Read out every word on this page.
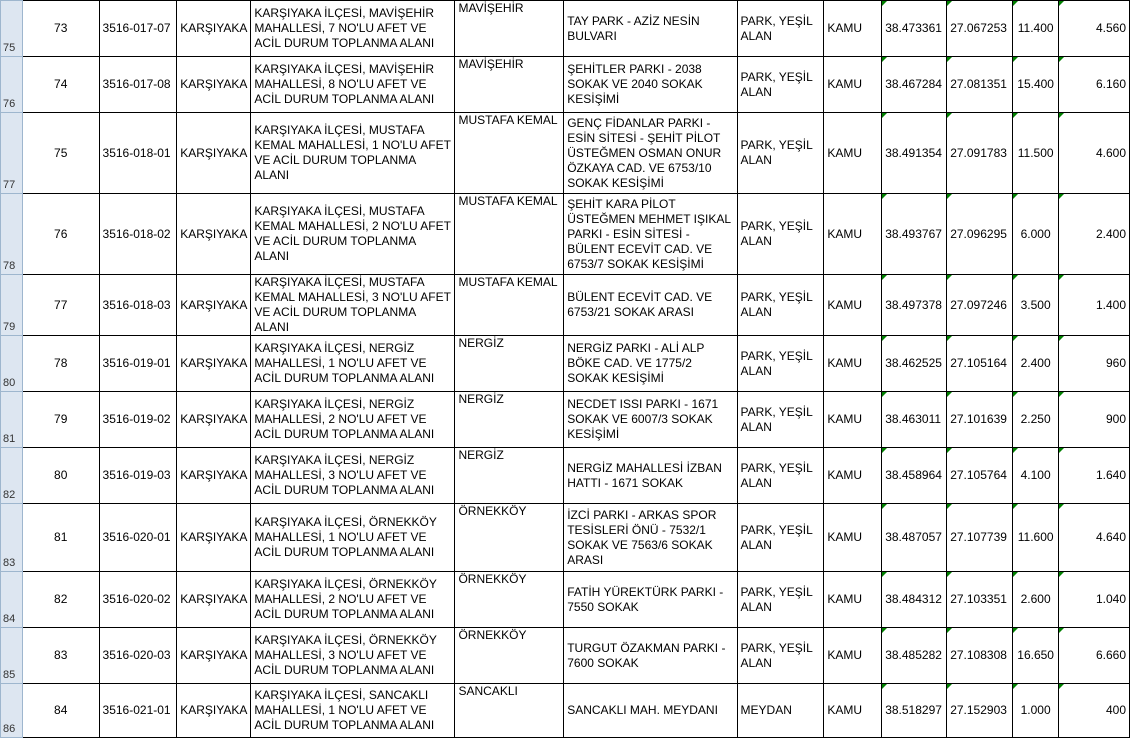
75	73	3516-017-07	KARŞIYAKA	KARŞIYAKA İLÇESİ, MAVİŞEHİR MAHALLESİ, 7 NO'LU AFET VE ACİL DURUM TOPLANMA ALANI	MAVİŞEHİR	TAY PARK - AZİZ NESİN BULVARI	PARK, YEŞİL ALAN	KAMU	38.473361	27.067253	11.400	4.560
76	74	3516-017-08	KARŞIYAKA	KARŞIYAKA İLÇESİ, MAVİŞEHİR MAHALLESİ, 8 NO'LU AFET VE ACİL DURUM TOPLANMA ALANI	MAVİŞEHİR	ŞEHİTLER PARKI - 2038 SOKAK VE 2040 SOKAK KESİŞİMİ	PARK, YEŞİL ALAN	KAMU	38.467284	27.081351	15.400	6.160
77	75	3516-018-01	KARŞIYAKA	KARŞIYAKA İLÇESİ, MUSTAFA KEMAL MAHALLESİ, 1 NO'LU AFET VE ACİL DURUM TOPLANMA ALANI	MUSTAFA KEMAL	GENÇ FİDANLAR PARKI - ESİN SİTESİ - ŞEHİT PİLOT ÜSTEĞMEN OSMAN ONUR ÖZKAYA CAD. VE 6753/10 SOKAK KESİŞİMİ	PARK, YEŞİL ALAN	KAMU	38.491354	27.091783	11.500	4.600
78	76	3516-018-02	KARŞIYAKA	KARŞIYAKA İLÇESİ, MUSTAFA KEMAL MAHALLESİ, 2 NO'LU AFET VE ACİL DURUM TOPLANMA ALANI	MUSTAFA KEMAL	ŞEHİT KARA PİLOT ÜSTEĞMEN MEHMET IŞIKAL PARKI - ESİN SİTESİ - BÜLENT ECEVİT CAD. VE 6753/7 SOKAK KESİŞİMİ	PARK, YEŞİL ALAN	KAMU	38.493767	27.096295	6.000	2.400
79	77	3516-018-03	KARŞIYAKA	KARŞIYAKA İLÇESİ, MUSTAFA KEMAL MAHALLESİ, 3 NO'LU AFET VE ACİL DURUM TOPLANMA ALANI	MUSTAFA KEMAL	BÜLENT ECEVİT CAD. VE 6753/21 SOKAK ARASI	PARK, YEŞİL ALAN	KAMU	38.497378	27.097246	3.500	1.400
80	78	3516-019-01	KARŞIYAKA	KARŞIYAKA İLÇESİ, NERGİZ MAHALLESİ, 1 NO'LU AFET VE ACİL DURUM TOPLANMA ALANI	NERGİZ	NERGİZ PARKI - ALİ ALP BÖKE CAD. VE 1775/2 SOKAK KESİŞİMİ	PARK, YEŞİL ALAN	KAMU	38.462525	27.105164	2.400	960
81	79	3516-019-02	KARŞIYAKA	KARŞIYAKA İLÇESİ, NERGİZ MAHALLESİ, 2 NO'LU AFET VE ACİL DURUM TOPLANMA ALANI	NERGİZ	NECDET ISSI PARKI - 1671 SOKAK VE 6007/3 SOKAK KESİŞİMİ	PARK, YEŞİL ALAN	KAMU	38.463011	27.101639	2.250	900
82	80	3516-019-03	KARŞIYAKA	KARŞIYAKA İLÇESİ, NERGİZ MAHALLESİ, 3 NO'LU AFET VE ACİL DURUM TOPLANMA ALANI	NERGİZ	NERGİZ MAHALLESİ İZBAN HATTI - 1671 SOKAK	PARK, YEŞİL ALAN	KAMU	38.458964	27.105764	4.100	1.640
83	81	3516-020-01	KARŞIYAKA	KARŞIYAKA İLÇESİ, ÖRNEKKÖY MAHALLESİ, 1 NO'LU AFET VE ACİL DURUM TOPLANMA ALANI	ÖRNEKKÖY	İZCİ PARKI - ARKAS SPOR TESİSLERİ ÖNÜ - 7532/1 SOKAK VE 7563/6 SOKAK ARASI	PARK, YEŞİL ALAN	KAMU	38.487057	27.107739	11.600	4.640
84	82	3516-020-02	KARŞIYAKA	KARŞIYAKA İLÇESİ, ÖRNEKKÖY MAHALLESİ, 2 NO'LU AFET VE ACİL DURUM TOPLANMA ALANI	ÖRNEKKÖY	FATİH YÜREKTÜRK PARKI - 7550 SOKAK	PARK, YEŞİL ALAN	KAMU	38.484312	27.103351	2.600	1.040
85	83	3516-020-03	KARŞIYAKA	KARŞIYAKA İLÇESİ, ÖRNEKKÖY MAHALLESİ, 3 NO'LU AFET VE ACİL DURUM TOPLANMA ALANI	ÖRNEKKÖY	TURGUT ÖZAKMAN PARKI - 7600 SOKAK	PARK, YEŞİL ALAN	KAMU	38.485282	27.108308	16.650	6.660
86	84	3516-021-01	KARŞIYAKA	KARŞIYAKA İLÇESİ, SANCAKLI MAHALLESİ, 1 NO'LU AFET VE ACİL DURUM TOPLANMA ALANI	SANCAKLI	SANCAKLI MAH. MEYDANI	MEYDAN	KAMU	38.518297	27.152903	1.000	400
